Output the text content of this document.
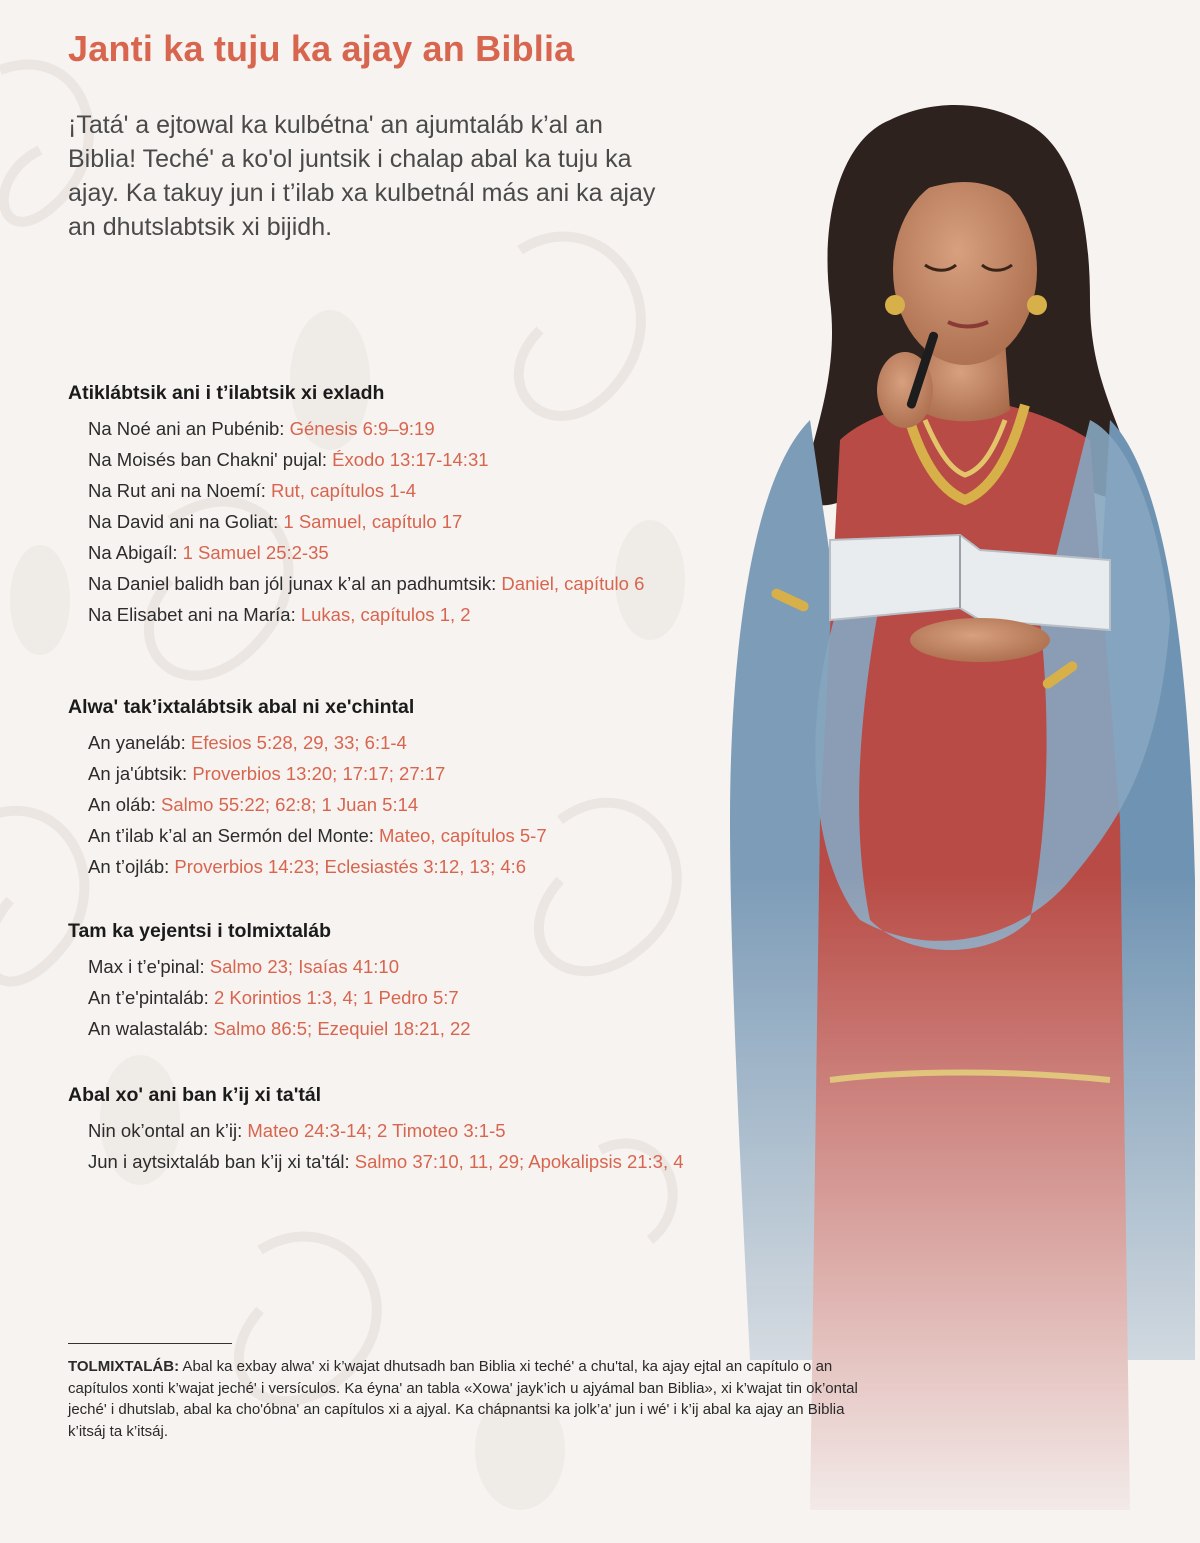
Janti ka tuju ka ajay an Biblia

¡Tatá' a ejtowal ka kulbétna' an ajumtaláb k’al an Biblia! Teché' a ko'ol juntsik i chalap abal ka tuju ka ajay. Ka takuy jun i t’ilab xa kulbetnál más ani ka ajay an dhutslabtsik xi bijidh.

Atiklábtsik ani i t’ilabtsik xi exladh
Na Noé ani an Pubénib: Génesis 6:9–9:19
Na Moisés ban Chakni' pujal: Éxodo 13:17-14:31
Na Rut ani na Noemí: Rut, capítulos 1-4
Na David ani na Goliat: 1 Samuel, capítulo 17
Na Abigaíl: 1 Samuel 25:2-35
Na Daniel balidh ban jól junax k’al an padhumtsik: Daniel, capítulo 6
Na Elisabet ani na María: Lukas, capítulos 1, 2
Alwa' tak’ixtalábtsik abal ni xe'chintal
An yaneláb: Efesios 5:28, 29, 33; 6:1-4
An ja'úbtsik: Proverbios 13:20; 17:17; 27:17
An oláb: Salmo 55:22; 62:8; 1 Juan 5:14
An t’ilab k’al an Sermón del Monte: Mateo, capítulos 5-7
An t’ojláb: Proverbios 14:23; Eclesiastés 3:12, 13; 4:6
Tam ka yejentsi i tolmixtaláb
Max i t’e'pinal: Salmo 23; Isaías 41:10
An t’e'pintaláb: 2 Korintios 1:3, 4; 1 Pedro 5:7
An walastaláb: Salmo 86:5; Ezequiel 18:21, 22
Abal xo' ani ban k’ij xi ta'tál
Nin ok’ontal an k’ij: Mateo 24:3-14; 2 Timoteo 3:1-5
Jun i aytsixtaláb ban k’ij xi ta'tál: Salmo 37:10, 11, 29; Apokalipsis 21:3, 4

TOLMIXTALÁB: Abal ka exbay alwa' xi k’wajat dhutsadh ban Biblia xi teché' a chu'tal, ka ajay ejtal an capítulo o an capítulos xonti k’wajat jeché' i versículos. Ka éyna' an tabla «Xowa' jayk’ich u ajyámal ban Biblia», xi k’wajat tin ok’ontal jeché' i dhutslab, abal ka cho'óbna' an capítulos xi a ajyal. Ka chápnantsi ka jolk’a' jun i wé' i k’ij abal ka ajay an Biblia k’itsáj ta k’itsáj.
